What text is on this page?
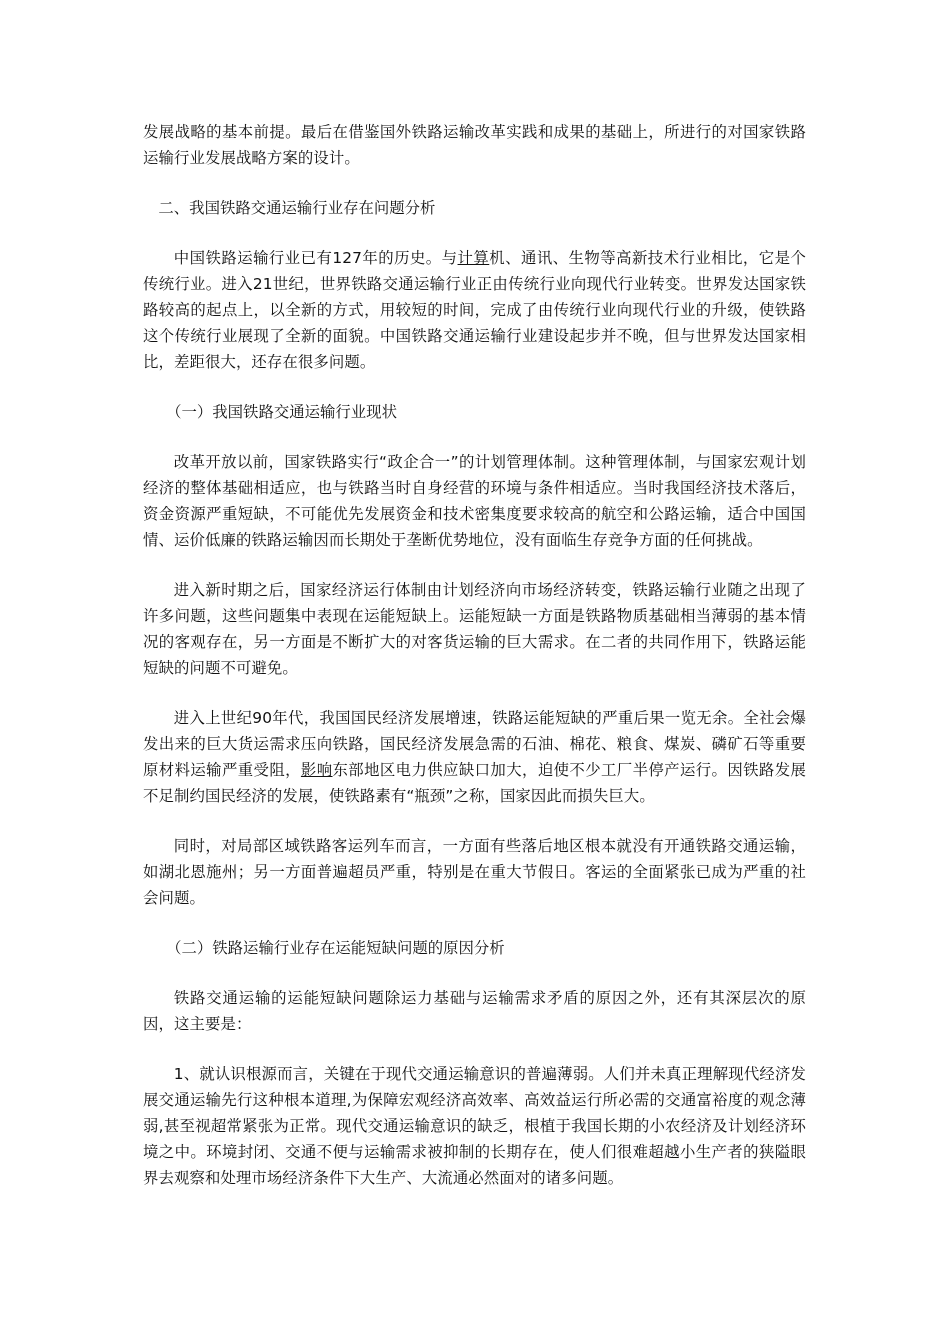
发展战略的基本前提。最后在借鉴国外铁路运输改革实践和成果的基础上，所进行的对国家铁路运输行业发展战略方案的设计。

二、我国铁路交通运输行业存在问题分析

中国铁路运输行业已有127年的历史。与计算机、通讯、生物等高新技术行业相比，它是个传统行业。进入21世纪，世界铁路交通运输行业正由传统行业向现代行业转变。世界发达国家铁路较高的起点上，以全新的方式，用较短的时间，完成了由传统行业向现代行业的升级，使铁路这个传统行业展现了全新的面貌。中国铁路交通运输行业建设起步并不晚，但与世界发达国家相比，差距很大，还存在很多问题。

（一）我国铁路交通运输行业现状

改革开放以前，国家铁路实行“政企合一”的计划管理体制。这种管理体制，与国家宏观计划经济的整体基础相适应，也与铁路当时自身经营的环境与条件相适应。当时我国经济技术落后，资金资源严重短缺，不可能优先发展资金和技术密集度要求较高的航空和公路运输，适合中国国情、运价低廉的铁路运输因而长期处于垄断优势地位，没有面临生存竞争方面的任何挑战。

进入新时期之后，国家经济运行体制由计划经济向市场经济转变，铁路运输行业随之出现了许多问题，这些问题集中表现在运能短缺上。运能短缺一方面是铁路物质基础相当薄弱的基本情况的客观存在，另一方面是不断扩大的对客货运输的巨大需求。在二者的共同作用下，铁路运能短缺的问题不可避免。

进入上世纪90年代，我国国民经济发展增速，铁路运能短缺的严重后果一览无余。全社会爆发出来的巨大货运需求压向铁路，国民经济发展急需的石油、棉花、粮食、煤炭、磷矿石等重要原材料运输严重受阻，影响东部地区电力供应缺口加大，迫使不少工厂半停产运行。因铁路发展不足制约国民经济的发展，使铁路素有“瓶颈”之称，国家因此而损失巨大。

同时，对局部区域铁路客运列车而言，一方面有些落后地区根本就没有开通铁路交通运输，如湖北恩施州；另一方面普遍超员严重，特别是在重大节假日。客运的全面紧张已成为严重的社会问题。

（二）铁路运输行业存在运能短缺问题的原因分析

铁路交通运输的运能短缺问题除运力基础与运输需求矛盾的原因之外，还有其深层次的原因，这主要是：

1、就认识根源而言，关键在于现代交通运输意识的普遍薄弱。人们并未真正理解现代经济发展交通运输先行这种根本道理,为保障宏观经济高效率、高效益运行所必需的交通富裕度的观念薄弱,甚至视超常紧张为正常。现代交通运输意识的缺乏，根植于我国长期的小农经济及计划经济环境之中。环境封闭、交通不便与运输需求被抑制的长期存在，使人们很难超越小生产者的狭隘眼界去观察和处理市场经济条件下大生产、大流通必然面对的诸多问题。
